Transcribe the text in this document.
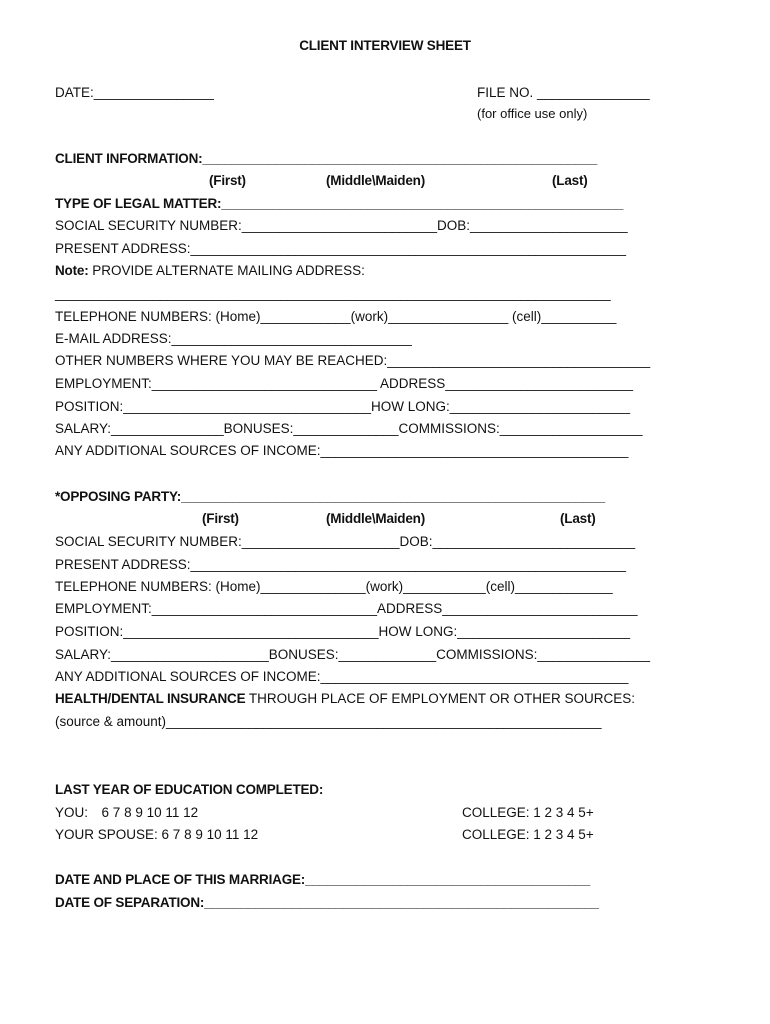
CLIENT INTERVIEW SHEET
DATE:________________	FILE NO. _______________
(for office use only)
CLIENT INFORMATION:______________________________________________________
(First)	(Middle\Maiden)	(Last)
TYPE OF LEGAL MATTER:_______________________________________________________
SOCIAL SECURITY NUMBER:__________________________DOB:_____________________
PRESENT ADDRESS:__________________________________________________________
Note: PROVIDE ALTERNATE MAILING ADDRESS:
__________________________________________________________________________
TELEPHONE NUMBERS: (Home)____________(work)________________ (cell)__________
E-MAIL ADDRESS:________________________________
OTHER NUMBERS WHERE YOU MAY BE REACHED:___________________________________
EMPLOYMENT:______________________________ ADDRESS_________________________
POSITION:_________________________________HOW LONG:________________________
SALARY:_______________BONUSES:______________COMMISSIONS:___________________
ANY ADDITIONAL SOURCES OF INCOME:_________________________________________
*OPPOSING PARTY:__________________________________________________________
(First)	(Middle\Maiden)	(Last)
SOCIAL SECURITY NUMBER:_____________________DOB:___________________________
PRESENT ADDRESS:__________________________________________________________
TELEPHONE NUMBERS: (Home)______________(work)___________(cell)_____________
EMPLOYMENT:______________________________ADDRESS__________________________
POSITION:__________________________________HOW LONG:_______________________
SALARY:_____________________BONUSES:_____________COMMISSIONS:_______________
ANY ADDITIONAL SOURCES OF INCOME:_________________________________________
HEALTH/DENTAL INSURANCE THROUGH PLACE OF EMPLOYMENT OR OTHER SOURCES:
(source & amount)__________________________________________________________
LAST YEAR OF EDUCATION COMPLETED:
YOU: 6 7 8 9 10 11 12	COLLEGE: 1 2 3 4 5+
YOUR SPOUSE: 6 7 8 9 10 11 12	COLLEGE: 1 2 3 4 5+
DATE AND PLACE OF THIS MARRIAGE:_______________________________________
DATE OF SEPARATION:______________________________________________________
